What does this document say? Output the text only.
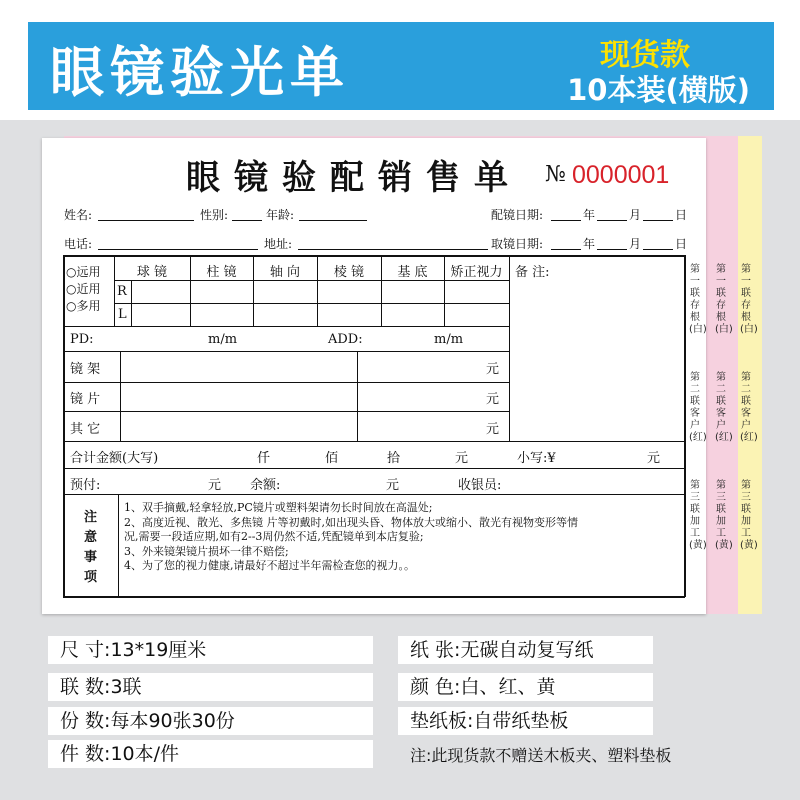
眼镜验光单	现货款
10本装(横版)
第一联存根(白)
第二联客户(红)
第三联加工(黄)
第一联存根(白)
第二联客户(红)
第三联加工(黄)
第一联存根(白)
第二联客户(红)
第三联加工(黄)
眼镜验配销售单 № 0000001
姓名:	性别:	年龄:	配镜日期:	年	月	日
电话:	地址:	取镜日期:	年	月	日
○远用
○近用
○多用
球 镜	柱 镜	轴 向	棱 镜	基 底	矫正视力
R
L
备 注:
PD:	m/m	ADD:	m/m
镜 架	元
镜 片	元
其 它	元
合计金额(大写)	仟	佰	拾	元	小写:¥	元
预付:	元 余额:	元	收银员:
注
意
事
项
1、双手摘戴,轻拿轻放,PC镜片或塑料架请勿长时间放在高温处;
2、高度近视、散光、多焦镜 片等初戴时,如出现头昏、物体放大或缩小、散光有视物变形等情
况,需要一段适应期,如有2--3周仍然不适,凭配镜单到本店复验;
3、外来镜架镜片损坏一律不赔偿;
4、为了您的视力健康,请最好不超过半年需检查您的视力。。
尺 寸:13*19厘米
联 数:3联
份 数:每本90张30份
件 数:10本/件
纸 张:无碳自动复写纸
颜 色:白、红、黄
垫纸板:自带纸垫板
注:此现货款不赠送木板夹、塑料垫板
